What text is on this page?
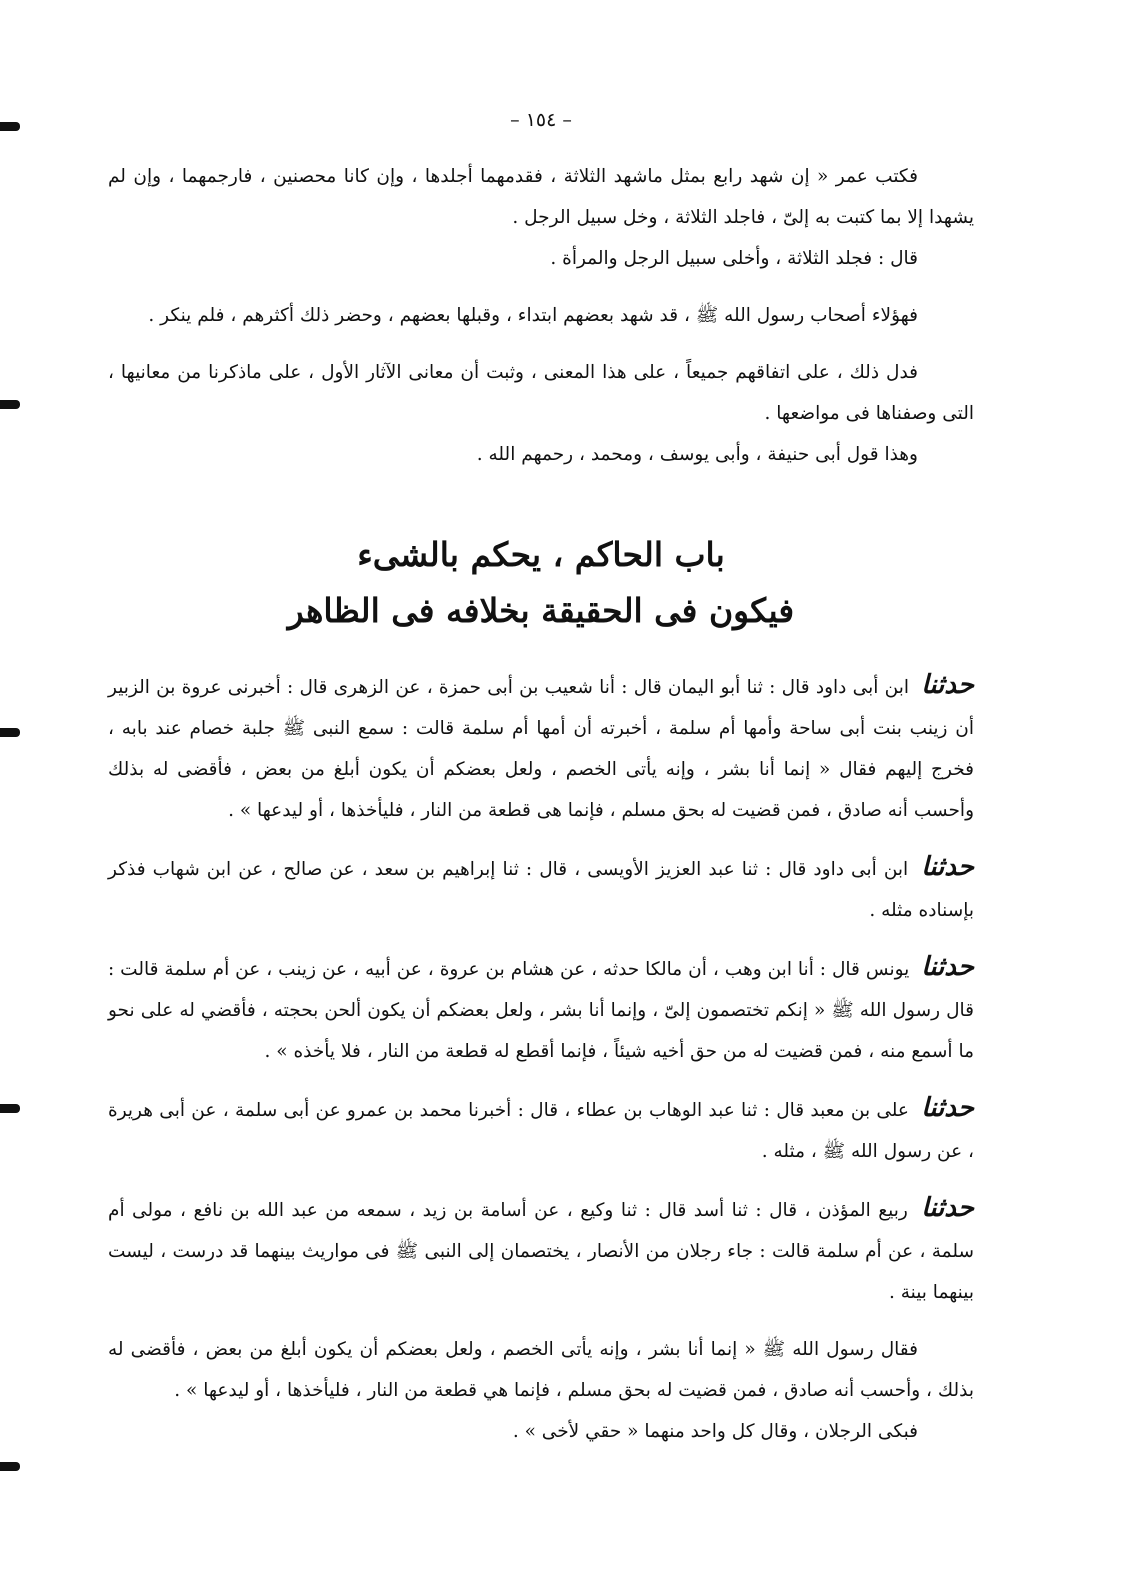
– ١٥٤ –

فكتب عمر « إن شهد رابع بمثل ماشهد الثلاثة ، فقدمهما أجلدها ، وإن كانا محصنين ، فارجمهما ، وإن لم يشهدا إلا بما كتبت به إلىّ ، فاجلد الثلاثة ، وخل سبيل الرجل .

قال : فجلد الثلاثة ، وأخلى سبيل الرجل والمرأة .

فهؤلاء أصحاب رسول الله ﷺ ، قد شهد بعضهم ابتداء ، وقبلها بعضهم ، وحضر ذلك أكثرهم ، فلم ينكر .

فدل ذلك ، على اتفاقهم جميعاً ، على هذا المعنى ، وثبت أن معانى الآثار الأول ، على ماذكرنا من معانيها ، التى وصفناها فى مواضعها .

وهذا قول أبى حنيفة ، وأبى يوسف ، ومحمد ، رحمهم الله .

باب الحاكم ، يحكم بالشىء
فيكون فى الحقيقة بخلافه فى الظاهر

حدثنا ابن أبى داود قال : ثنا أبو اليمان قال : أنا شعيب بن أبى حمزة ، عن الزهرى قال : أخبرنى عروة بن الزبير أن زينب بنت أبى ساحة وأمها أم سلمة ، أخبرته أن أمها أم سلمة قالت : سمع النبى ﷺ جلبة خصام عند بابه ، فخرج إليهم فقال « إنما أنا بشر ، وإنه يأتى الخصم ، ولعل بعضكم أن يكون أبلغ من بعض ، فأقضى له بذلك وأحسب أنه صادق ، فمن قضيت له بحق مسلم ، فإنما هى قطعة من النار ، فليأخذها ، أو ليدعها » .

حدثنا ابن أبى داود قال : ثنا عبد العزيز الأويسى ، قال : ثنا إبراهيم بن سعد ، عن صالح ، عن ابن شهاب فذكر بإسناده مثله .

حدثنا يونس قال : أنا ابن وهب ، أن مالكا حدثه ، عن هشام بن عروة ، عن أبيه ، عن زينب ، عن أم سلمة قالت : قال رسول الله ﷺ « إنكم تختصمون إلىّ ، وإنما أنا بشر ، ولعل بعضكم أن يكون ألحن بحجته ، فأقضي له على نحو ما أسمع منه ، فمن قضيت له من حق أخيه شيئاً ، فإنما أقطع له قطعة من النار ، فلا يأخذه » .

حدثنا على بن معبد قال : ثنا عبد الوهاب بن عطاء ، قال : أخبرنا محمد بن عمرو عن أبى سلمة ، عن أبى هريرة ، عن رسول الله ﷺ ، مثله .

حدثنا ربيع المؤذن ، قال : ثنا أسد قال : ثنا وكيع ، عن أسامة بن زيد ، سمعه من عبد الله بن نافع ، مولى أم سلمة ، عن أم سلمة قالت : جاء رجلان من الأنصار ، يختصمان إلى النبى ﷺ فى مواريث بينهما قد درست ، ليست بينهما بينة .

فقال رسول الله ﷺ « إنما أنا بشر ، وإنه يأتى الخصم ، ولعل بعضكم أن يكون أبلغ من بعض ، فأقضى له بذلك ، وأحسب أنه صادق ، فمن قضيت له بحق مسلم ، فإنما هي قطعة من النار ، فليأخذها ، أو ليدعها » .

فبكى الرجلان ، وقال كل واحد منهما « حقي لأخى » .
